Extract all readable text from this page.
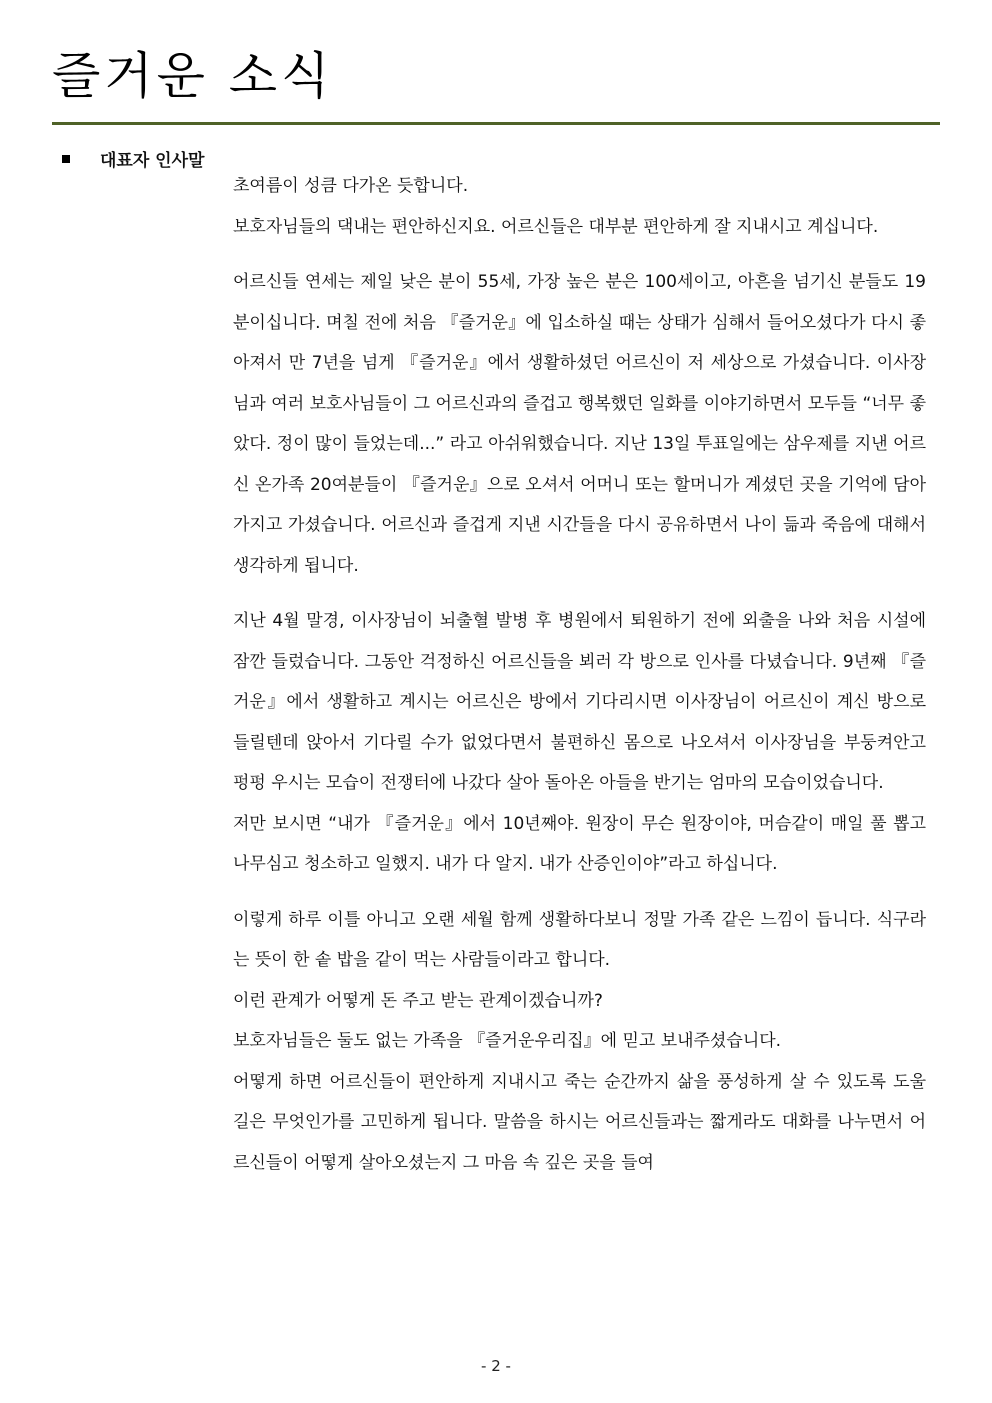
즐거운 소식
대표자 인사말

초여름이 성큼 다가온 듯합니다.

보호자님들의 댁내는 편안하신지요. 어르신들은 대부분 편안하게 잘 지내시고 계십니다.

어르신들 연세는 제일 낮은 분이 55세, 가장 높은 분은 100세이고, 아흔을 넘기신 분들도 19분이십니다. 며칠 전에 처음 『즐거운』에 입소하실 때는 상태가 심해서 들어오셨다가 다시 좋아져서 만 7년을 넘게 『즐거운』에서 생활하셨던 어르신이 저 세상으로 가셨습니다. 이사장님과 여러 보호사님들이 그 어르신과의 즐겁고 행복했던 일화를 이야기하면서 모두들 “너무 좋았다. 정이 많이 들었는데...” 라고 아쉬워했습니다. 지난 13일 투표일에는 삼우제를 지낸 어르신 온가족 20여분들이 『즐거운』으로 오셔서 어머니 또는 할머니가 계셨던 곳을 기억에 담아 가지고 가셨습니다. 어르신과 즐겁게 지낸 시간들을 다시 공유하면서 나이 듦과 죽음에 대해서 생각하게 됩니다.

지난 4월 말경, 이사장님이 뇌출혈 발병 후 병원에서 퇴원하기 전에 외출을 나와 처음 시설에 잠깐 들렀습니다. 그동안 걱정하신 어르신들을 뵈러 각 방으로 인사를 다녔습니다. 9년째 『즐거운』에서 생활하고 계시는 어르신은 방에서 기다리시면 이사장님이 어르신이 계신 방으로 들릴텐데 앉아서 기다릴 수가 없었다면서 불편하신 몸으로 나오셔서 이사장님을 부둥켜안고 펑펑 우시는 모습이 전쟁터에 나갔다 살아 돌아온 아들을 반기는 엄마의 모습이었습니다.

저만 보시면 “내가 『즐거운』에서 10년째야. 원장이 무슨 원장이야, 머슴같이 매일 풀 뽑고 나무심고 청소하고 일했지. 내가 다 알지. 내가 산증인이야”라고 하십니다.

이렇게 하루 이틀 아니고 오랜 세월 함께 생활하다보니 정말 가족 같은 느낌이 듭니다. 식구라는 뜻이 한 솥 밥을 같이 먹는 사람들이라고 합니다.

이런 관계가 어떻게 돈 주고 받는 관계이겠습니까?

보호자님들은 둘도 없는 가족을 『즐거운우리집』에 믿고 보내주셨습니다.

어떻게 하면 어르신들이 편안하게 지내시고 죽는 순간까지 삶을 풍성하게 살 수 있도록 도울 길은 무엇인가를 고민하게 됩니다. 말씀을 하시는 어르신들과는 짧게라도 대화를 나누면서 어르신들이 어떻게 살아오셨는지 그 마음 속 깊은 곳을 들여

- 2 -
